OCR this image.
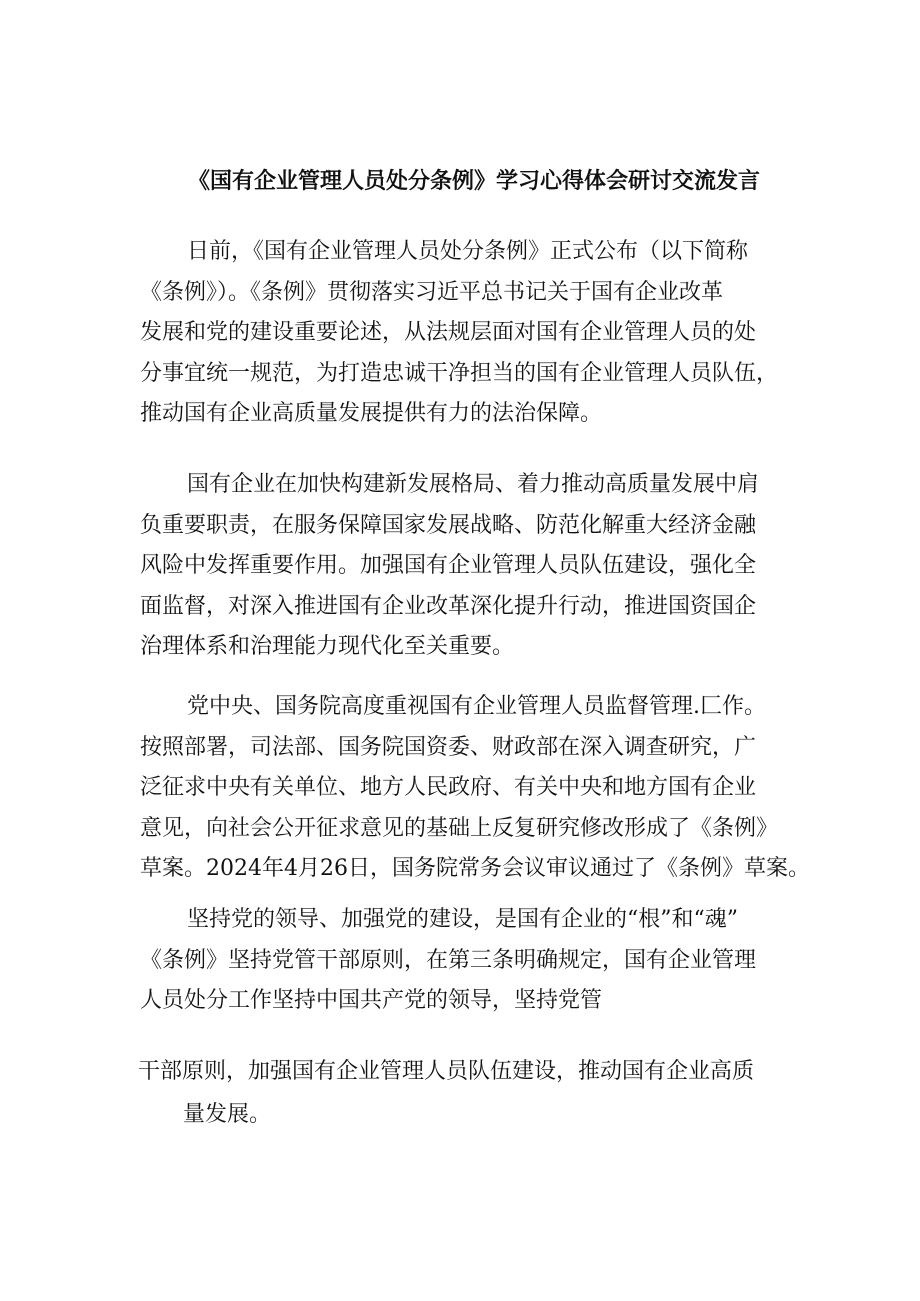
《国有企业管理人员处分条例》学习心得体会研讨交流发言

日前，《国有企业管理人员处分条例》正式公布（以下简称
《条例》）。《条例》贯彻落实习近平总书记关于国有企业改革
发展和党的建设重要论述，从法规层面对国有企业管理人员的处
分事宜统一规范，为打造忠诚干净担当的国有企业管理人员队伍，
推动国有企业高质量发展提供有力的法治保障。

国有企业在加快构建新发展格局、着力推动高质量发展中肩
负重要职责，在服务保障国家发展战略、防范化解重大经济金融
风险中发挥重要作用。加强国有企业管理人员队伍建设，强化全
面监督，对深入推进国有企业改革深化提升行动，推进国资国企
治理体系和治理能力现代化至关重要。

党中央、国务院高度重视国有企业管理人员监督管理.匚作。
按照部署，司法部、国务院国资委、财政部在深入调查研究，广
泛征求中央有关单位、地方人民政府、有关中央和地方国有企业
意见，向社会公开征求意见的基础上反复研究修改形成了《条例》
草案。2024年4月26日，国务院常务会议审议通过了《条例》草案。

坚持党的领导、加强党的建设，是国有企业的“根”和“魂”
《条例》坚持党管干部原则，在第三条明确规定，国有企业管理
人员处分工作坚持中国共产党的领导，坚持党管

干部原则，加强国有企业管理人员队伍建设，推动国有企业高质

量发展。
